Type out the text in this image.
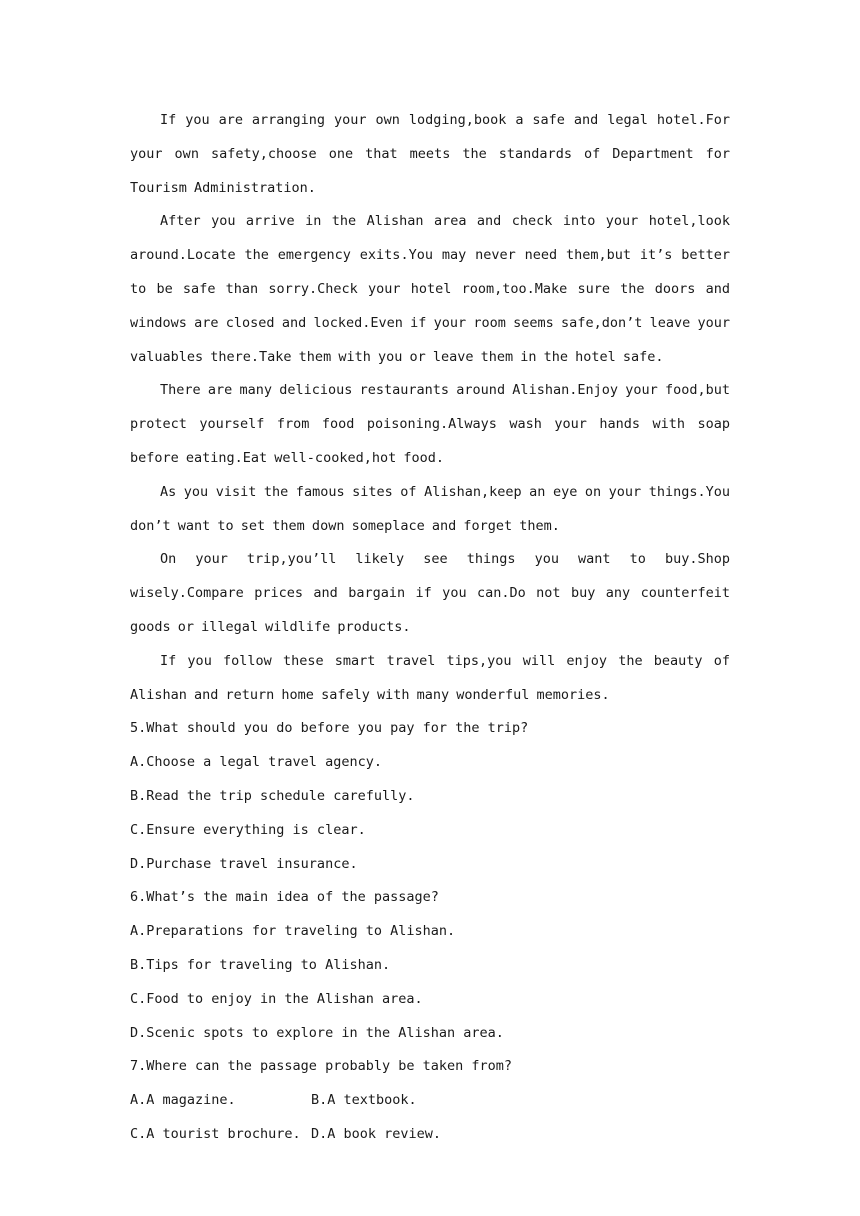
If you are arranging your own lodging,book a safe and legal hotel.For your own safety,choose one that meets the standards of Department for Tourism Administration.

After you arrive in the Alishan area and check into your hotel,look around.Locate the emergency exits.You may never need them,but it’s better to be safe than sorry.Check your hotel room,too.Make sure the doors and windows are closed and locked.Even if your room seems safe,don’t leave your valuables there.Take them with you or leave them in the hotel safe.

There are many delicious restaurants around Alishan.Enjoy your food,but protect yourself from food poisoning.Always wash your hands with soap before eating.Eat well-cooked,hot food.

As you visit the famous sites of Alishan,keep an eye on your things.You don’t want to set them down someplace and forget them.

On your trip,you’ll likely see things you want to buy.Shop wisely.Compare prices and bargain if you can.Do not buy any counterfeit goods or illegal wildlife products.

If you follow these smart travel tips,you will enjoy the beauty of Alishan and return home safely with many wonderful memories.

5.What should you do before you pay for the trip?

A.Choose a legal travel agency.

B.Read the trip schedule carefully.

C.Ensure everything is clear.

D.Purchase travel insurance.

6.What’s the main idea of the passage?

A.Preparations for traveling to Alishan.

B.Tips for traveling to Alishan.

C.Food to enjoy in the Alishan area.

D.Scenic spots to explore in the Alishan area.

7.Where can the passage probably be taken from?

A.A magazine.	B.A textbook.
C.A tourist brochure. D.A book review.
